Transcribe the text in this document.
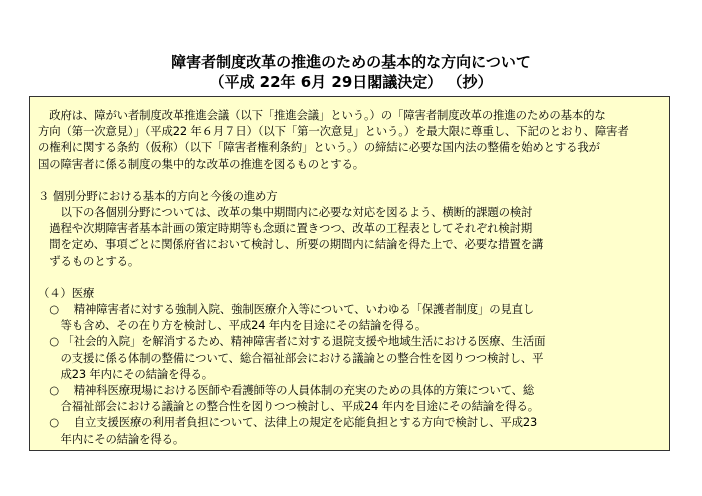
障害者制度改革の推進のための基本的な方向について
（平成 22年 6月 29日閣議決定） （抄）
　政府は、障がい者制度改革推進会議（以下「推進会議」という。）の「障害者制度改革の推進のための基本的な
方向（第一次意見）」（平成22 年６月７日）（以下「第一次意見」という。）を最大限に尊重し、下記のとおり、障害者
の権利に関する条約（仮称）（以下「障害者権利条約」という。）の締結に必要な国内法の整備を始めとする我が
国の障害者に係る制度の集中的な改革の推進を図るものとする。
３ 個別分野における基本的方向と今後の進め方
　　以下の各個別分野については、改革の集中期間内に必要な対応を図るよう、横断的課題の検討
　過程や次期障害者基本計画の策定時期等も念頭に置きつつ、改革の工程表としてそれぞれ検討期
　間を定め、事項ごとに関係府省において検討し、所要の期間内に結論を得た上で、必要な措置を講
　ずるものとする。
（４）医療
　○　 精神障害者に対する強制入院、強制医療介入等について、いわゆる「保護者制度」の見直し
　　等も含め、その在り方を検討し、平成24 年内を目途にその結論を得る。
　○ 「社会的入院」を解消するため、精神障害者に対する退院支援や地域生活における医療、生活面
　　の支援に係る体制の整備について、総合福祉部会における議論との整合性を図りつつ検討し、平
　　成23 年内にその結論を得る。
　○　 精神科医療現場における医師や看護師等の人員体制の充実のための具体的方策について、総
　　合福祉部会における議論との整合性を図りつつ検討し、平成24 年内を目途にその結論を得る。
　○　 自立支援医療の利用者負担について、法律上の規定を応能負担とする方向で検討し、平成23
　　年内にその結論を得る。
